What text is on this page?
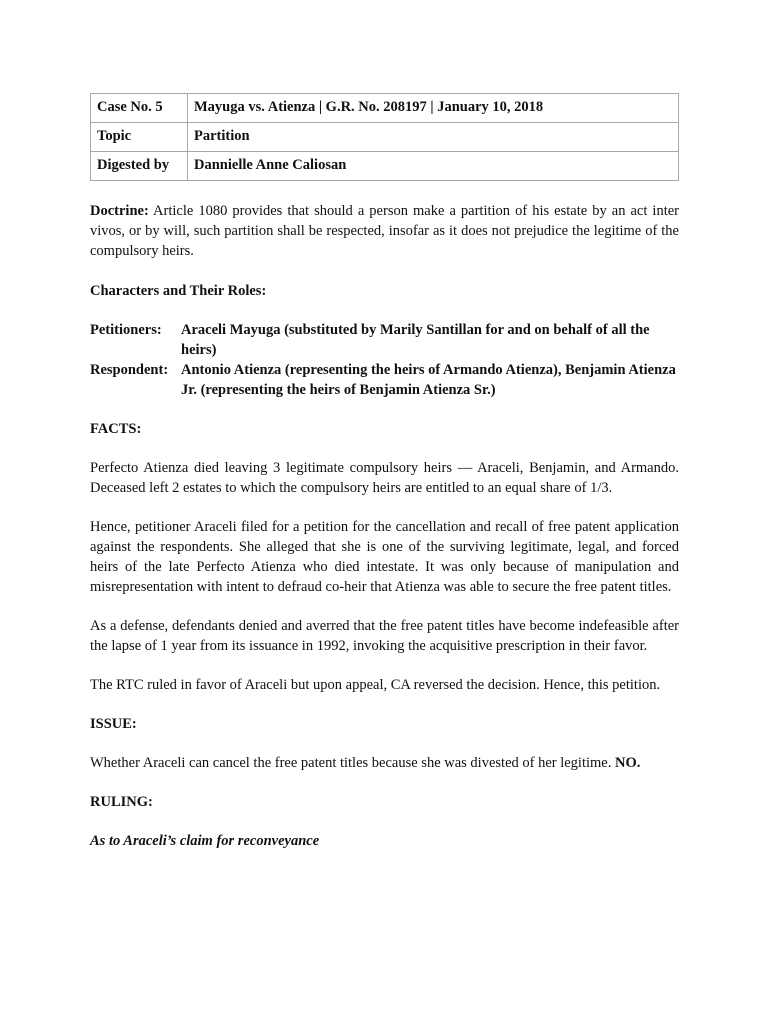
Case No. 5	Mayuga vs. Atienza | G.R. No. 208197 | January 10, 2018
Topic	Partition
Digested by	Dannielle Anne Caliosan

Doctrine: Article 1080 provides that should a person make a partition of his estate by an act inter vivos, or by will, such partition shall be respected, insofar as it does not prejudice the legitime of the compulsory heirs.

Characters and Their Roles:

Petitioners:	Araceli Mayuga (substituted by Marily Santillan for and on behalf of all the heirs)
Respondent: Antonio Atienza (representing the heirs of Armando Atienza), Benjamin Atienza Jr. (representing the heirs of Benjamin Atienza Sr.)

FACTS:

Perfecto Atienza died leaving 3 legitimate compulsory heirs — Araceli, Benjamin, and Armando. Deceased left 2 estates to which the compulsory heirs are entitled to an equal share of 1/3.

Hence, petitioner Araceli filed for a petition for the cancellation and recall of free patent application against the respondents. She alleged that she is one of the surviving legitimate, legal, and forced heirs of the late Perfecto Atienza who died intestate. It was only because of manipulation and misrepresentation with intent to defraud co-heir that Atienza was able to secure the free patent titles.

As a defense, defendants denied and averred that the free patent titles have become indefeasible after the lapse of 1 year from its issuance in 1992, invoking the acquisitive prescription in their favor.

The RTC ruled in favor of Araceli but upon appeal, CA reversed the decision. Hence, this petition.

ISSUE:

Whether Araceli can cancel the free patent titles because she was divested of her legitime. NO.

RULING:

As to Araceli’s claim for reconveyance
